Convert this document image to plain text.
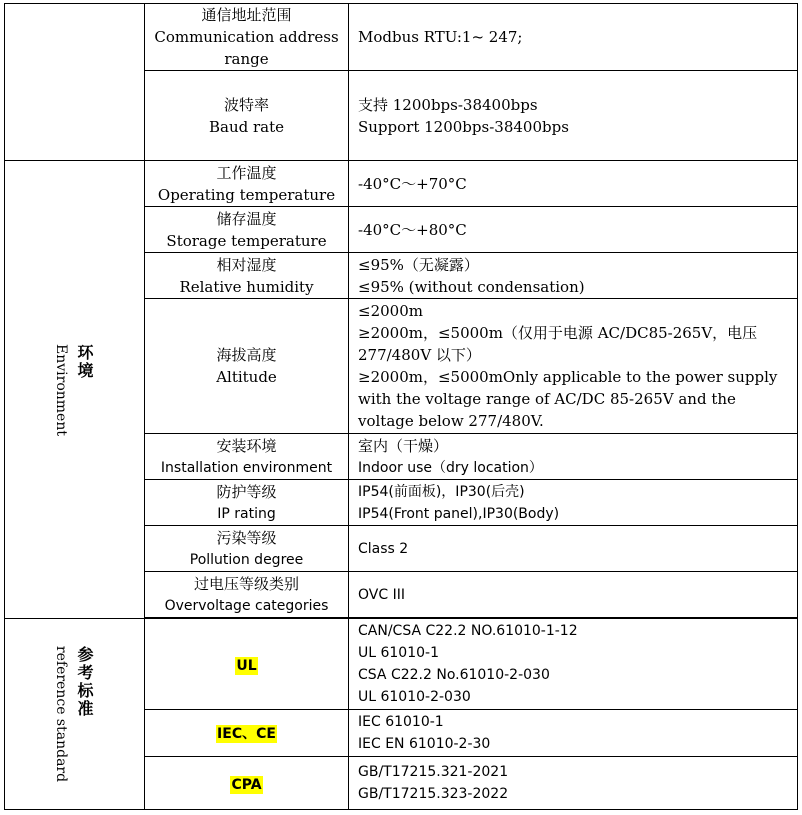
	通信地址范围
Communication address range	Modbus RTU:1~ 247;

	波特率
Baud rate	支持 1200bps-38400bps
Support 1200bps-38400bps

Environment 环境	工作温度
Operating temperature	-40°C～+70°C

	储存温度
Storage temperature	-40°C～+80°C

	相对湿度
Relative humidity	≤95%（无凝露）
≤95% (without condensation)

	海拔高度
Altitude	≤2000m
≥2000m，≤5000m（仅用于电源 AC/DC85-265V，电压 277/480V 以下）
≥2000m，≤5000mOnly applicable to the power supply with the voltage range of AC/DC 85-265V and the voltage below 277/480V.

	安装环境
Installation environment	室内（干燥）
Indoor use（dry location）

	防护等级
IP rating	IP54(前面板)，IP30(后壳)
IP54(Front panel),IP30(Body)

	污染等级
Pollution degree	Class 2

	过电压等级类别
Overvoltage categories	OVC III

reference standard 参考标准	UL	CAN/CSA C22.2 NO.61010-1-12
UL 61010-1
CSA C22.2 No.61010-2-030
UL 61010-2-030

	IEC、CE	IEC 61010-1
IEC EN 61010-2-30

	CPA	GB/T17215.321-2021
GB/T17215.323-2022
